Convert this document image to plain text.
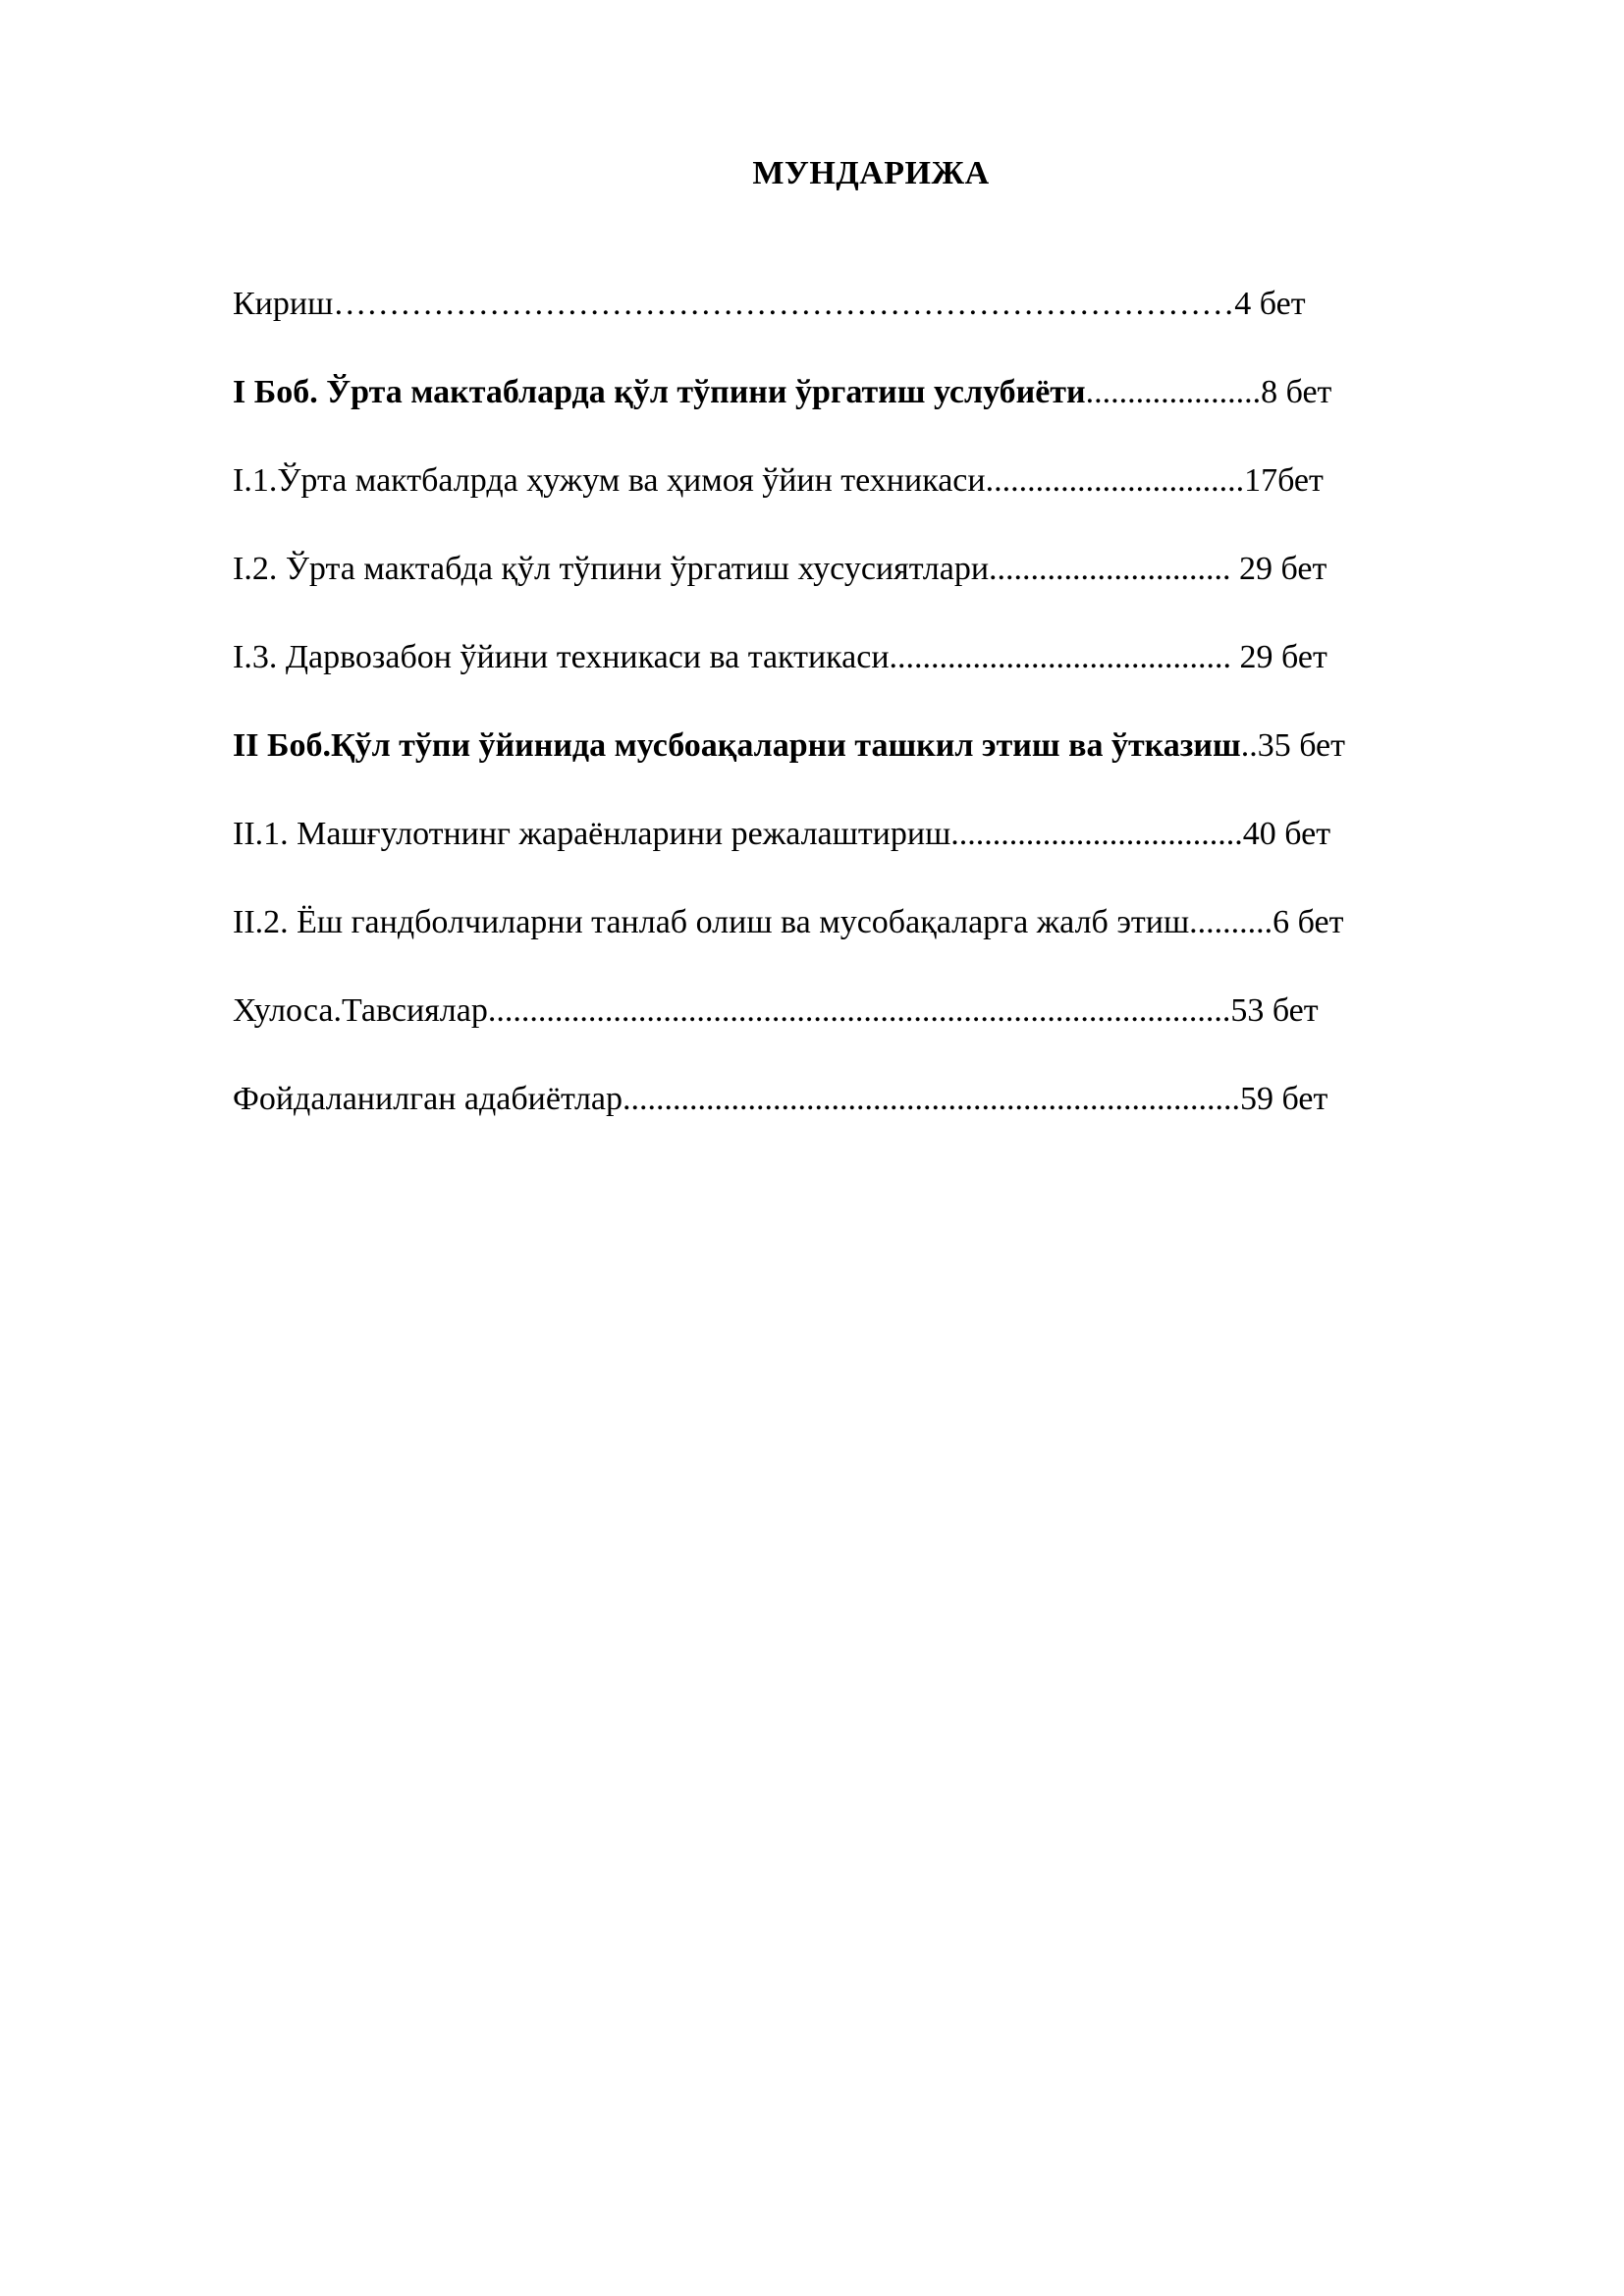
МУНДАРИЖА
Кириш………………………………………………………………………4 бет
I Боб. Ўрта мактабларда қўл тўпини ўргатиш услубиёти.....................8 бет
I.1.Ўрта мактбалрда ҳужум ва ҳимоя ўйин техникаси...............................17бет
I.2. Ўрта мактабда қўл тўпини ўргатиш хусусиятлари............................. 29 бет
I.3. Дарвозабон ўйини техникаси ва тактикаси......................................... 29 бет
II Боб.Қўл тўпи ўйинида мусбоақаларни ташкил этиш ва ўтказиш..35 бет
II.1. Машғулотнинг жараёнларини режалаштириш...................................40 бет
II.2. Ёш гандболчиларни танлаб олиш ва мусобақаларга жалб этиш..........6 бет
Хулоса.Тавсиялар.........................................................................................53 бет
Фойдаланилган адабиётлар..........................................................................59 бет
